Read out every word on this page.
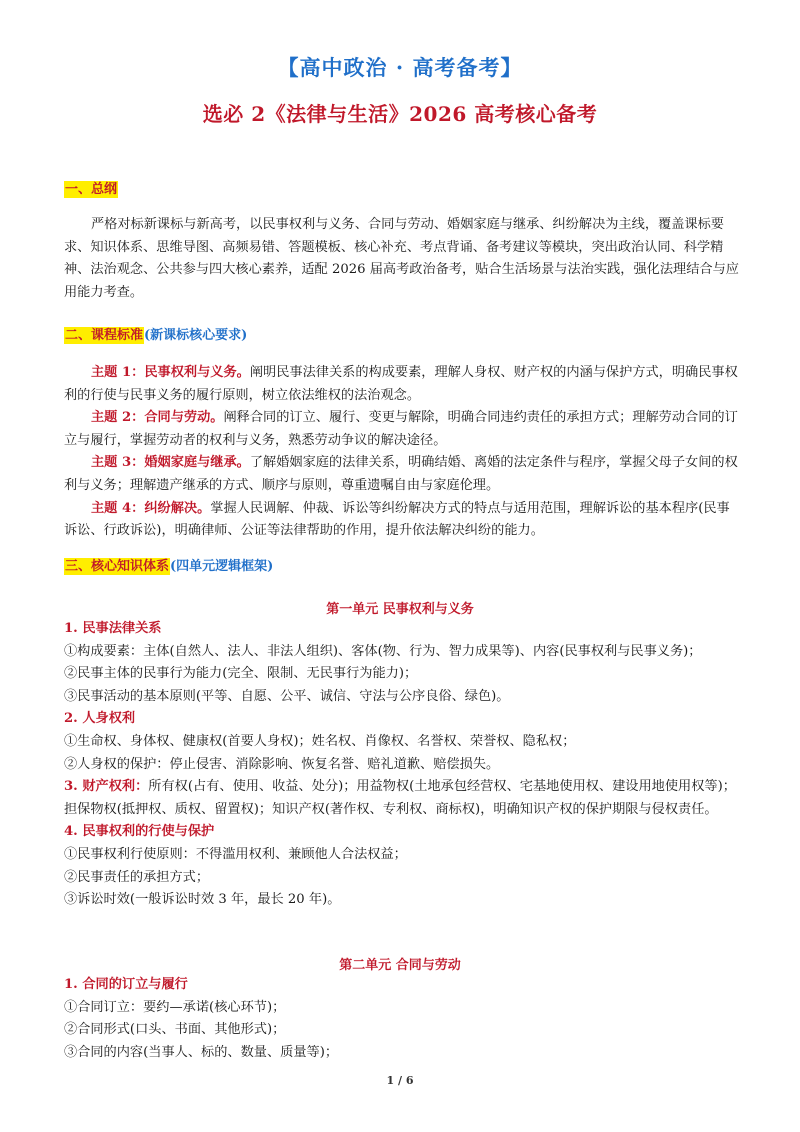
【高中政治 · 高考备考】
选必 2《法律与生活》2026 高考核心备考
一、总纲

严格对标新课标与新高考，以民事权利与义务、合同与劳动、婚姻家庭与继承、纠纷解决为主线，覆盖课标要求、知识体系、思维导图、高频易错、答题模板、核心补充、考点背诵、备考建议等模块，突出政治认同、科学精神、法治观念、公共参与四大核心素养，适配 2026 届高考政治备考，贴合生活场景与法治实践，强化法理结合与应用能力考查。

二、课程标准(新课标核心要求)

主题 1：民事权利与义务。阐明民事法律关系的构成要素，理解人身权、财产权的内涵与保护方式，明确民事权利的行使与民事义务的履行原则，树立依法维权的法治观念。

主题 2：合同与劳动。阐释合同的订立、履行、变更与解除，明确合同违约责任的承担方式；理解劳动合同的订立与履行，掌握劳动者的权利与义务，熟悉劳动争议的解决途径。

主题 3：婚姻家庭与继承。了解婚姻家庭的法律关系，明确结婚、离婚的法定条件与程序，掌握父母子女间的权利与义务；理解遗产继承的方式、顺序与原则，尊重遗嘱自由与家庭伦理。

主题 4：纠纷解决。掌握人民调解、仲裁、诉讼等纠纷解决方式的特点与适用范围，理解诉讼的基本程序(民事诉讼、行政诉讼)，明确律师、公证等法律帮助的作用，提升依法解决纠纷的能力。

三、核心知识体系(四单元逻辑框架)
第一单元 民事权利与义务

1. 民事法律关系

①构成要素：主体(自然人、法人、非法人组织)、客体(物、行为、智力成果等)、内容(民事权利与民事义务)；

②民事主体的民事行为能力(完全、限制、无民事行为能力)；

③民事活动的基本原则(平等、自愿、公平、诚信、守法与公序良俗、绿色)。

2. 人身权利

①生命权、身体权、健康权(首要人身权)；姓名权、肖像权、名誉权、荣誉权、隐私权；

②人身权的保护：停止侵害、消除影响、恢复名誉、赔礼道歉、赔偿损失。

3. 财产权利：所有权(占有、使用、收益、处分)；用益物权(土地承包经营权、宅基地使用权、建设用地使用权等)；担保物权(抵押权、质权、留置权)；知识产权(著作权、专利权、商标权)，明确知识产权的保护期限与侵权责任。

4. 民事权利的行使与保护

①民事权利行使原则：不得滥用权利、兼顾他人合法权益；

②民事责任的承担方式；

③诉讼时效(一般诉讼时效 3 年，最长 20 年)。

第二单元 合同与劳动

1. 合同的订立与履行

①合同订立：要约—承诺(核心环节)；

②合同形式(口头、书面、其他形式)；

③合同的内容(当事人、标的、数量、质量等)；

1 / 6
